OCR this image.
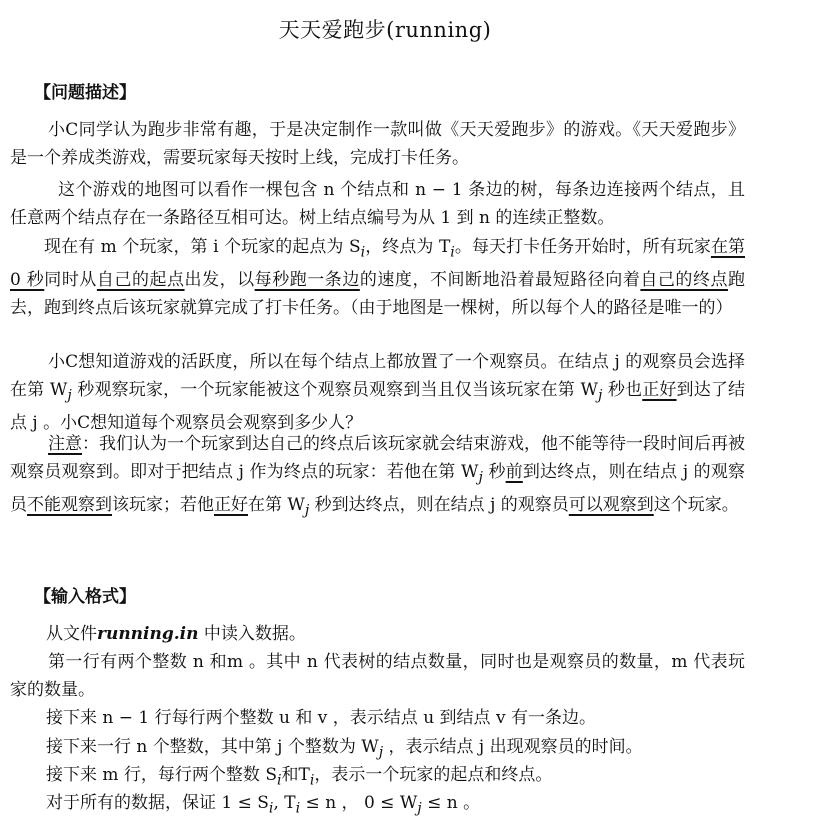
天天爱跑步(running)
【问题描述】
小C同学认为跑步非常有趣，于是决定制作一款叫做《天天爱跑步》的游戏。《天天爱跑步》是一个养成类游戏，需要玩家每天按时上线，完成打卡任务。
这个游戏的地图可以看作一棵包含 n 个结点和 n − 1 条边的树，每条边连接两个结点，且任意两个结点存在一条路径互相可达。树上结点编号为从 1 到 n 的连续正整数。
现在有 m 个玩家，第 i 个玩家的起点为 $S_i$，终点为 $T_i$。每天打卡任务开始时，所有玩家在第 0 秒同时从自己的起点出发，以每秒跑一条边的速度，不间断地沿着最短路径向着自己的终点跑去，跑到终点后该玩家就算完成了打卡任务。（由于地图是一棵树，所以每个人的路径是唯一的）
小C想知道游戏的活跃度，所以在每个结点上都放置了一个观察员。在结点 j 的观察员会选择在第 $W_j$ 秒观察玩家，一个玩家能被这个观察员观察到当且仅当该玩家在第 $W_j$ 秒也正好到达了结点 j 。小C想知道每个观察员会观察到多少人？
注意：我们认为一个玩家到达自己的终点后该玩家就会结束游戏，他不能等待一段时间后再被观察员观察到。即对于把结点 j 作为终点的玩家：若他在第 $W_j$ 秒前到达终点，则在结点 j 的观察员不能观察到该玩家；若他正好在第 $W_j$ 秒到达终点，则在结点 j 的观察员可以观察到这个玩家。
【输入格式】
从文件running.in 中读入数据。
第一行有两个整数 n 和m 。其中 n 代表树的结点数量，同时也是观察员的数量，m 代表玩家的数量。
接下来 n − 1 行每行两个整数 u 和 v ，表示结点 u 到结点 v 有一条边。
接下来一行 n 个整数，其中第 j 个整数为 $W_j$ ，表示结点 j 出现观察员的时间。
接下来 m 行，每行两个整数 $S_i$和$T_i$，表示一个玩家的起点和终点。
对于所有的数据，保证 $1 \le S_i$, $T_i \le n$ ， $0 \le W_j \le n$ 。
